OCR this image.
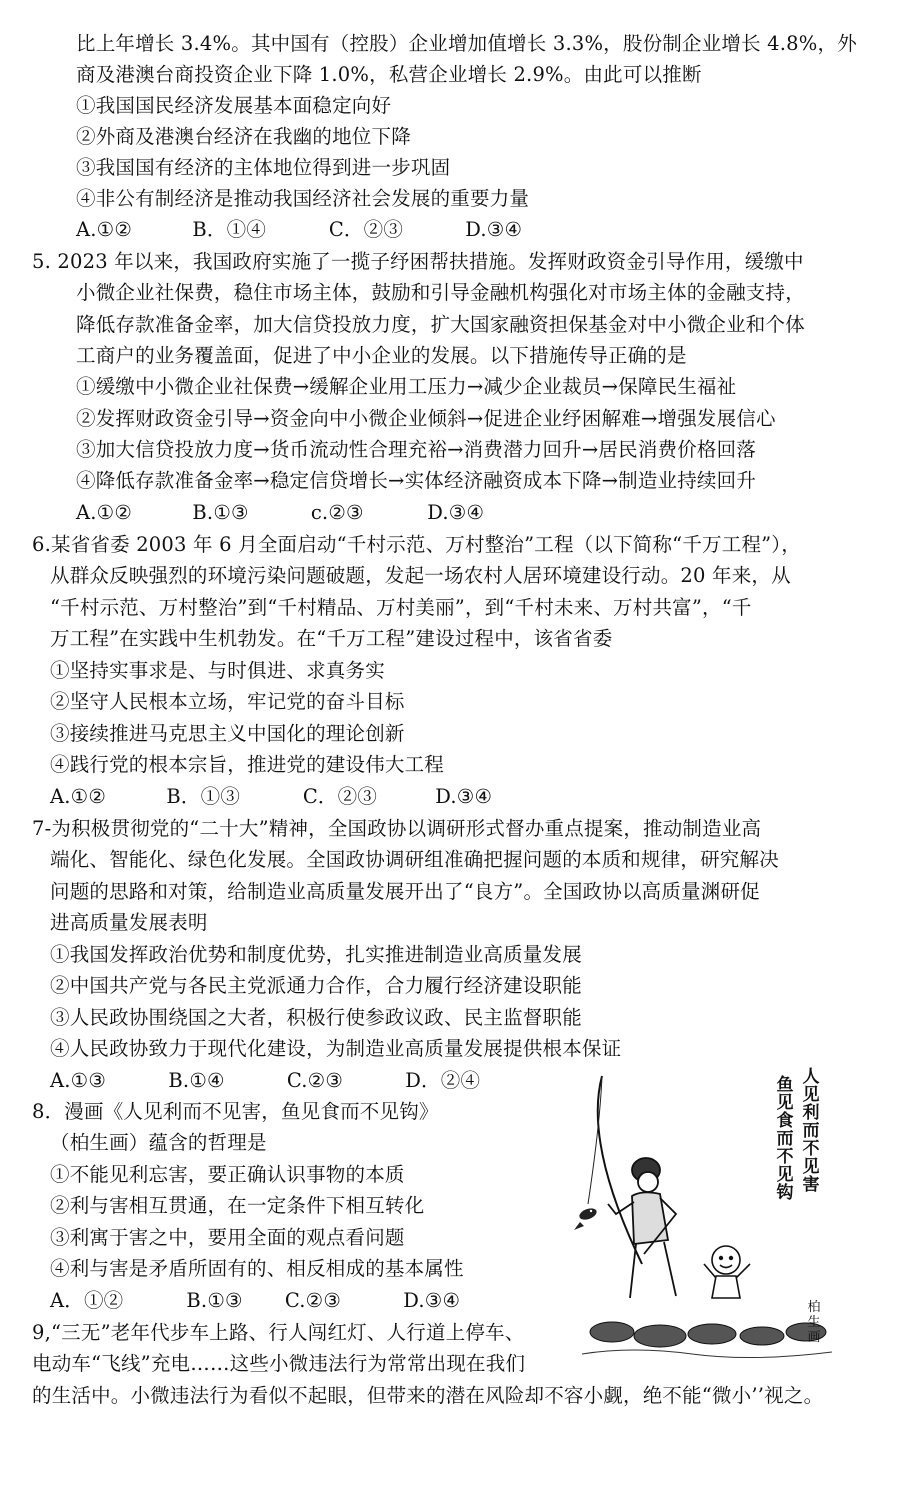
比上年增长 3.4%。其中国有（控股）企业增加值增长 3.3%，股份制企业增长 4.8%，外
商及港澳台商投资企业下降 1.0%，私营企业增长 2.9%。由此可以推断
①我国国民经济发展基本面稳定向好
②外商及港澳台经济在我幽的地位下降
③我国国有经济的主体地位得到进一步巩固
④非公有制经济是推动我国经济社会发展的重要力量
A.①②	B．①④	C．②③	D.③④
5. 2023 年以来，我国政府实施了一揽子纾困帮扶措施。发挥财政资金引导作用，缓缴中
小微企业社保费，稳住市场主体，鼓励和引导金融机构强化对市场主体的金融支持，
降低存款准备金率，加大信贷投放力度，扩大国家融资担保基金对中小微企业和个体
工商户的业务覆盖面，促进了中小企业的发展。以下措施传导正确的是
①缓缴中小微企业社保费→缓解企业用工压力→减少企业裁员→保障民生福祉
②发挥财政资金引导→资金向中小微企业倾斜→促进企业纾困解难→增强发展信心
③加大信贷投放力度→货币流动性合理充裕→消费潜力回升→居民消费价格回落
④降低存款准备金率→稳定信贷增长→实体经济融资成本下降→制造业持续回升
A.①②	B.①③	c.②③	D.③④
6.某省省委 2003 年 6 月全面启动“千村示范、万村整治”工程（以下简称“千万工程”），
从群众反映强烈的环境污染问题破题，发起一场农村人居环境建设行动。20 年来，从
“千村示范、万村整治”到“千村精品、万村美丽”，到“千村未来、万村共富”，“千
万工程”在实践中生机勃发。在“千万工程”建设过程中，该省省委
①坚持实事求是、与时俱进、求真务实
②坚守人民根本立场，牢记党的奋斗目标
③接续推进马克思主义中国化的理论创新
④践行党的根本宗旨，推进党的建设伟大工程
A.①②	B．①③	C．②③	D.③④
7-为积极贯彻党的“二十大”精神，全国政协以调研形式督办重点提案，推动制造业高
端化、智能化、绿色化发展。全国政协调研组准确把握问题的本质和规律，研究解决
问题的思路和对策，给制造业高质量发展开出了“良方”。全国政协以高质量渊研促
进高质量发展表明
①我国发挥政治优势和制度优势，扎实推进制造业高质量发展
②中国共产党与各民主党派通力合作，合力履行经济建设职能
③人民政协围绕国之大者，积极行使参政议政、民主监督职能
④人民政协致力于现代化建设，为制造业高质量发展提供根本保证
A.①③	B.①④	C.②③	D．②④
8．漫画《人见利而不见害，鱼见食而不见钩》
（柏生画）蕴含的哲理是
①不能见利忘害，要正确认识事物的本质
②利与害相互贯通，在一定条件下相互转化
③利寓于害之中，要用全面的观点看问题
④利与害是矛盾所固有的、相反相成的基本属性
A．①②	B.①③ C.②③	D.③④
9,“三无”老年代步车上路、行人闯红灯、人行道上停车、
电动车“飞线”充电……这些小微违法行为常常出现在我们
的生活中。小微违法行为看似不起眼，但带来的潜在风险却不容小觑，绝不能“微小’’视之。
鱼
见
食
而
不
见
钩
人
见
利
而
不
见
害
柏
生
画
